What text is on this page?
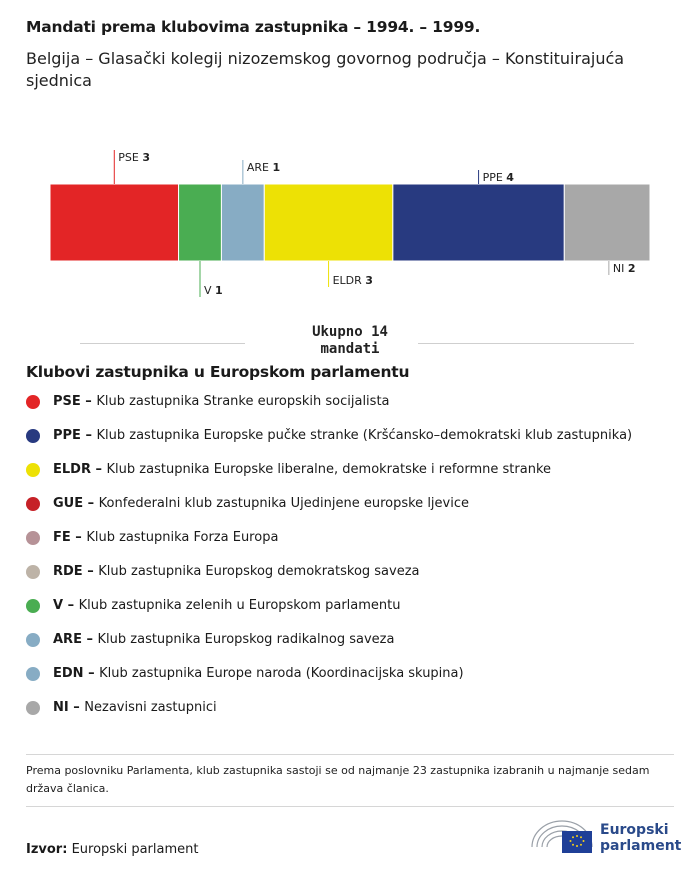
Mandati prema klubovima zastupnika – 1994. – 1999.
Belgija – Glasački kolegij nizozemskog govornog područja – Konstituirajuća sjednica
PSE 3
V 1
ARE 1
ELDR 3
PPE 4
NI 2
Ukupno 14
mandati
Klubovi zastupnika u Europskom parlamentu
PSE – Klub zastupnika Stranke europskih socijalista
PPE – Klub zastupnika Europske pučke stranke (Kršćansko–demokratski klub zastupnika)
ELDR – Klub zastupnika Europske liberalne, demokratske i reformne stranke
GUE – Konfederalni klub zastupnika Ujedinjene europske ljevice
FE – Klub zastupnika Forza Europa
RDE – Klub zastupnika Europskog demokratskog saveza
V – Klub zastupnika zelenih u Europskom parlamentu
ARE – Klub zastupnika Europskog radikalnog saveza
EDN – Klub zastupnika Europe naroda (Koordinacijska skupina)
NI – Nezavisni zastupnici
Prema poslovniku Parlamenta, klub zastupnika sastoji se od najmanje 23 zastupnika izabranih u najmanje sedam država članica.
Izvor: Europski parlament
Europski
parlament
